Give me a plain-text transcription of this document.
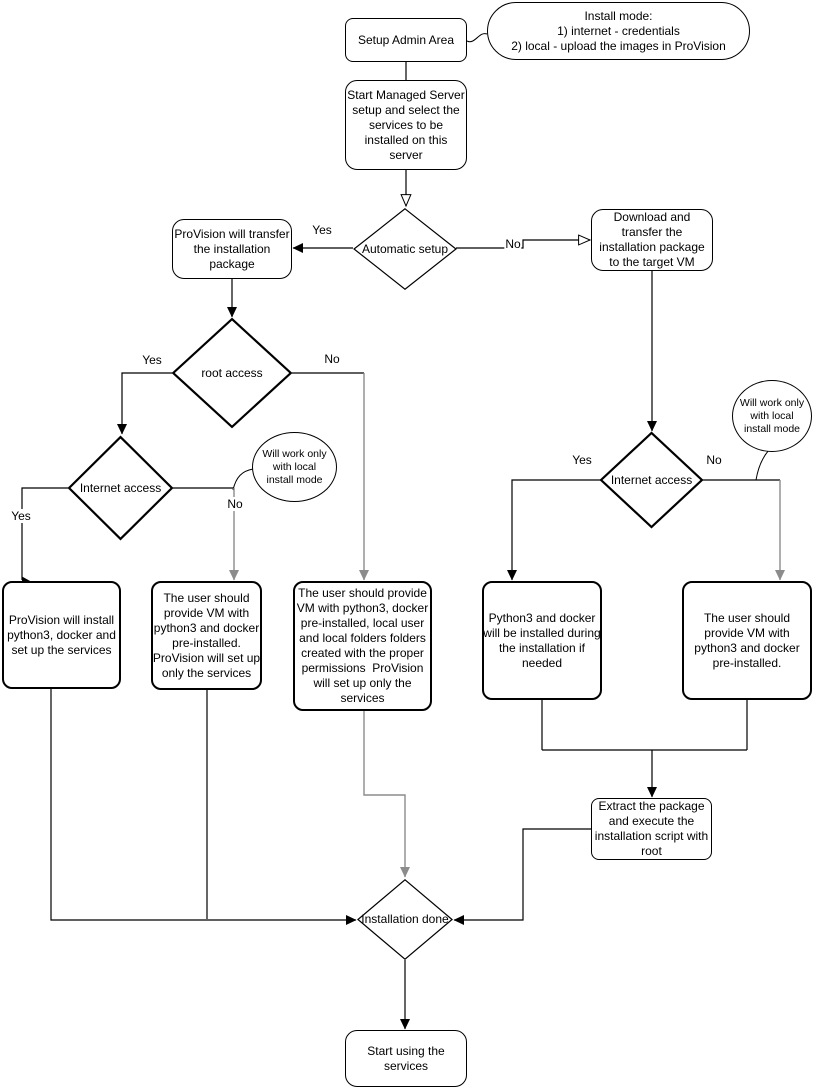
Setup Admin Area
Install mode:
1) internet - credentials
2) local - upload the images in ProVision
Start Managed Server
setup and select the
services to be
installed on this
server
Automatic setup
ProVision will transfer
the installation
package
Download and
transfer the
installation package
to the target VM
root access
Internet access
Will work only
with local
install mode	Internet access
Will work only
with local
install mode
ProVision will install
python3, docker and
set up the services
The user should
provide VM with
python3 and docker
pre-installed.
ProVision will set up
only the services
The user should provide
VM with python3, docker
pre-installed, local user
and local folders folders
created with the proper
permissions  ProVision
will set up only the
services
Python3 and docker
will be installed during
the installation if
needed
The user should
provide VM with
python3 and docker
pre-installed.
Extract the package
and execute the
installation script with
root
Installation done
Start using the
services
Yes
No
Yes	No
Yes
No
Yes	No
